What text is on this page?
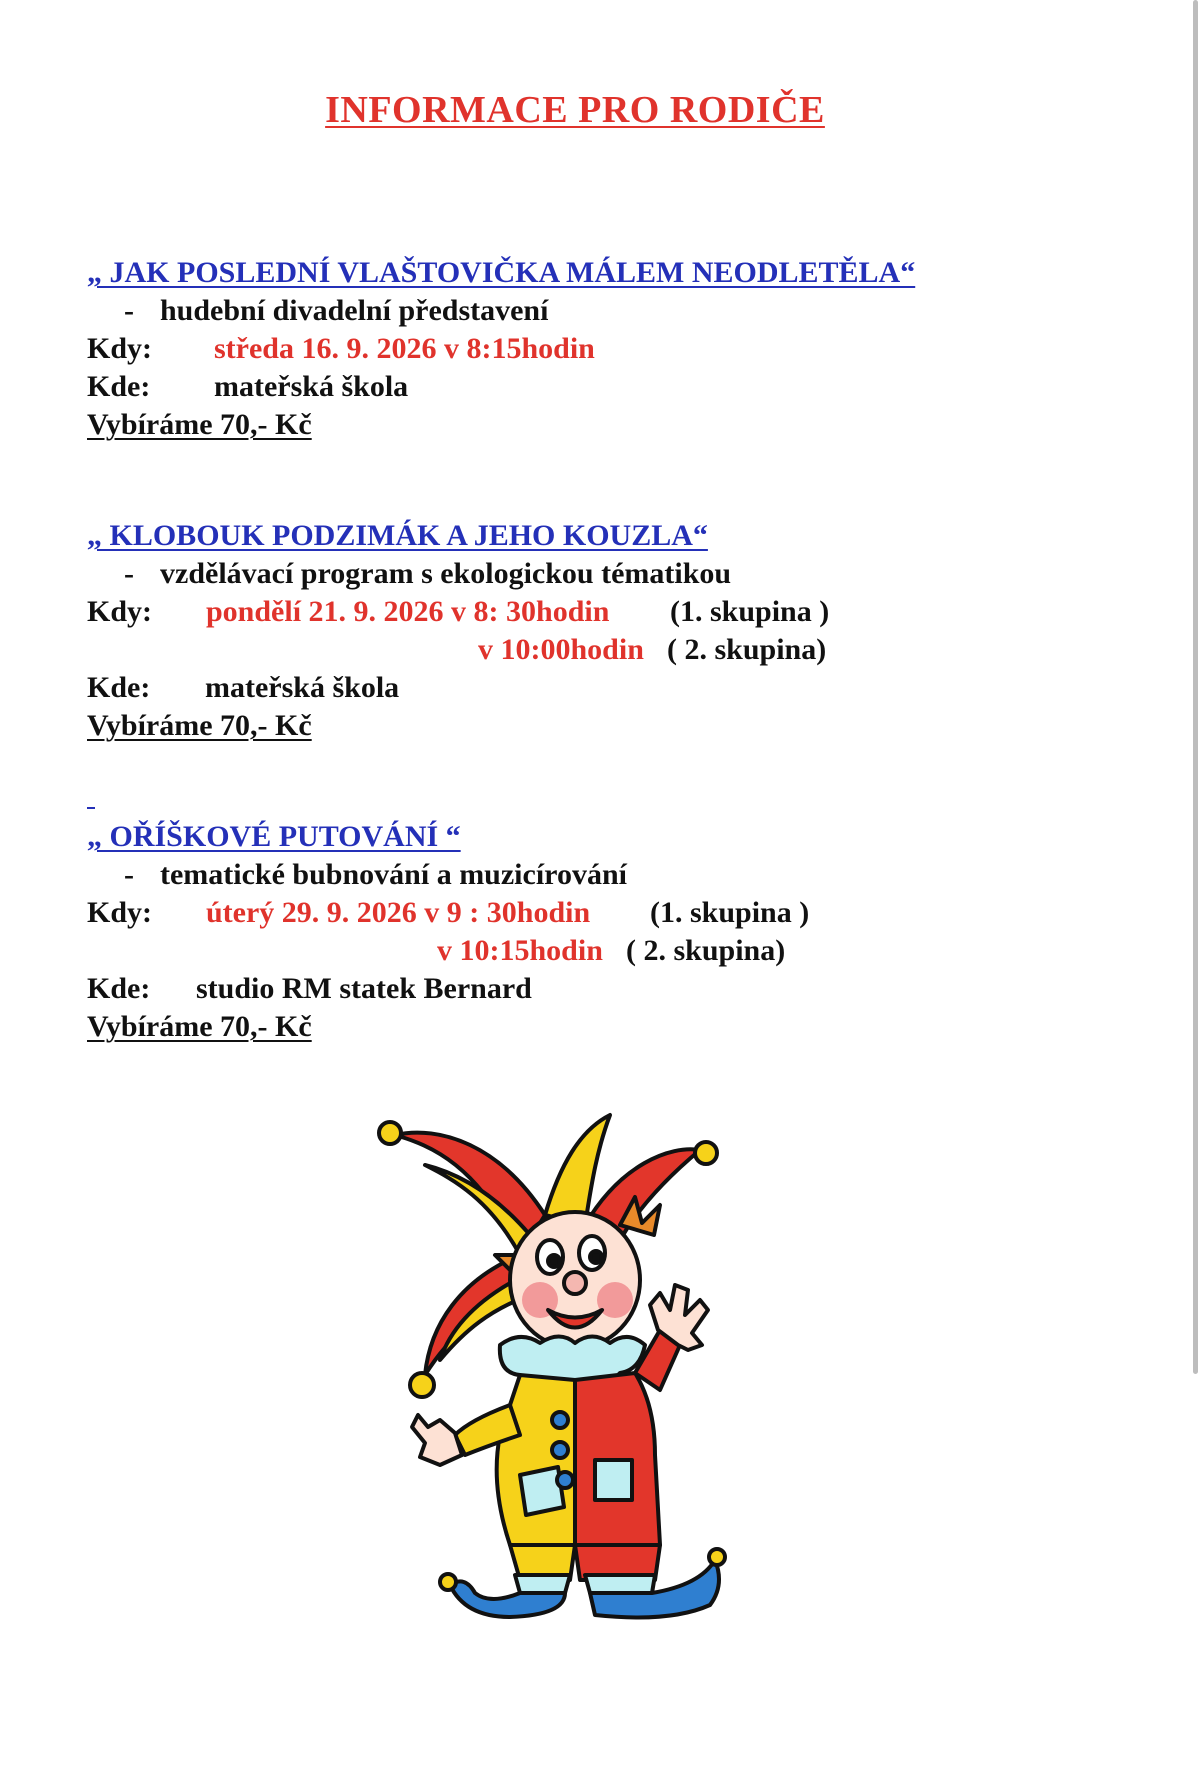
INFORMACE PRO RODIČE
„ JAK POSLEDNÍ VLAŠTOVIČKA MÁLEM NEODLETĚLA“
- hudební divadelní představení
Kdy: středa 16. 9. 2026 v 8:15hodin
Kde: mateřská škola
Vybíráme 70,- Kč
„ KLOBOUK PODZIMÁK A JEHO KOUZLA“
- vzdělávací program s ekologickou tématikou
Kdy: pondělí 21. 9. 2026 v 8: 30hodin (1. skupina )
v 10:00hodin ( 2. skupina)
Kde: mateřská škola
Vybíráme 70,- Kč
„ OŘÍŠKOVÉ PUTOVÁNÍ “
- tematické bubnování a muzicírování
Kdy: úterý 29. 9. 2026 v 9 : 30hodin (1. skupina )
v 10:15hodin ( 2. skupina)
Kde: studio RM statek Bernard
Vybíráme 70,- Kč
